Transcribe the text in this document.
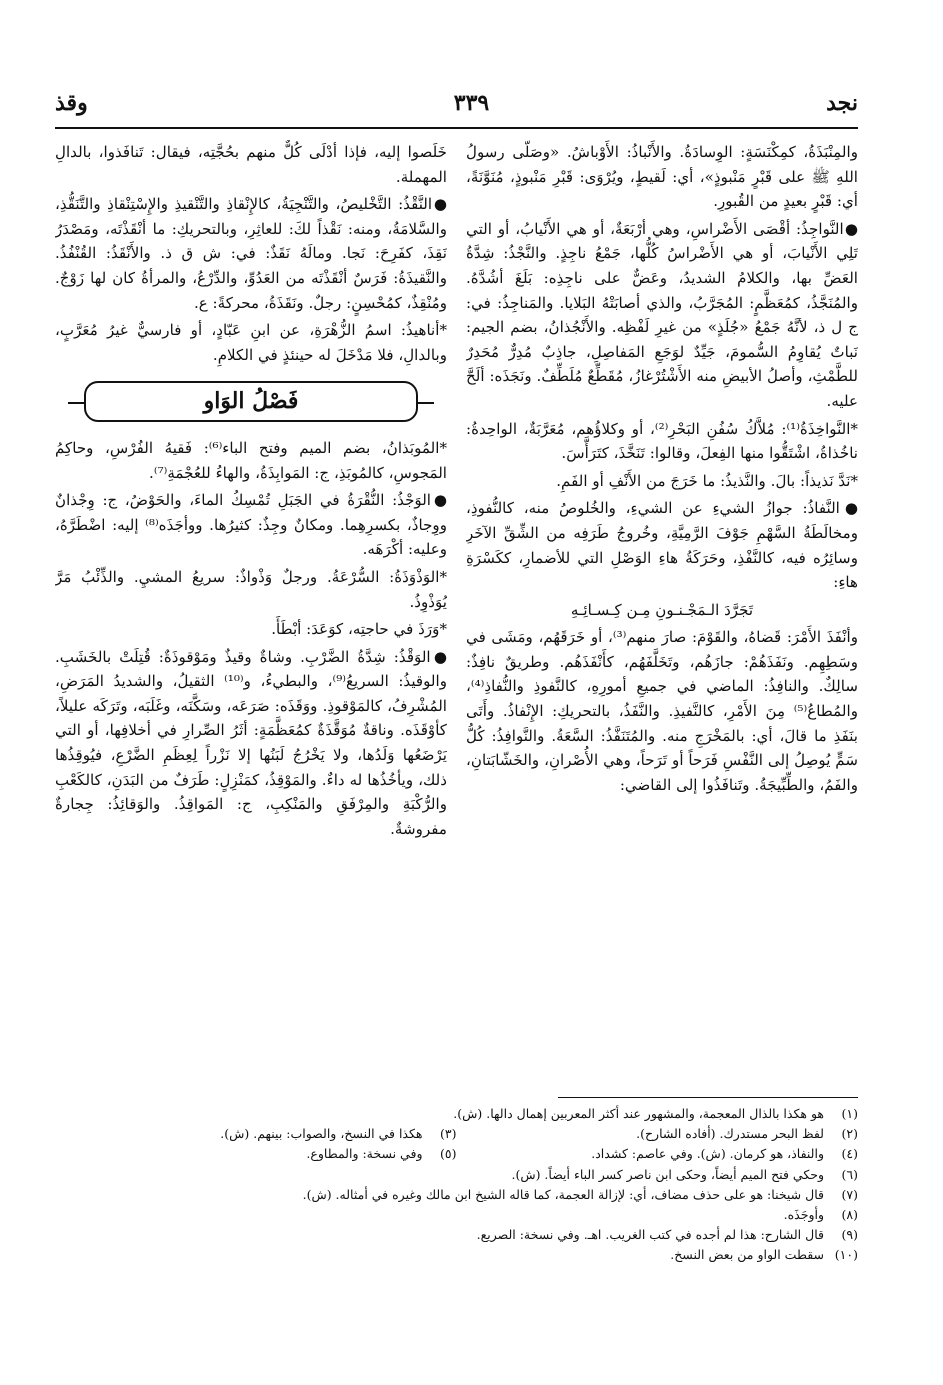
نجد
٣٣٩
وقذ

والمِنْبَذَةُ، كمِكْنَسَةٍ: الوِسادَةُ. والأَنْباذُ: الأَوْباشُ. «وصَلَّى رسولُ اللهِ ﷺ على قَبْرٍ مَنْبوذٍ»، أي: لَقيطٍ، ويُرْوَى: قَبْرِ مَنْبوذٍ، مُنَوَّنَةً، أي: قَبْرٍ بعيدٍ من القُبورِ.

●النَّواجِذُ: أقْصَى الأَضْراسِ، وهي أرْبَعَةٌ، أو هي الأَنْيابُ، أو التي تَلِي الأَنْيابَ، أو هي الأَضْراسُ كُلُّها، جَمْعُ ناجِذٍ. والنَّجْذُ: شِدَّةُ العَضِّ بها، والكلامُ الشديدُ، وعَضٌّ على ناجِذِه: بَلَغَ أشُدَّهُ. والمُنَجَّذُ، كمُعَظَّمٍ: المُجَرَّبُ، والذي أصابَتْهُ البَلايا. والمَناجِذُ: في: ج ل ذ، لأنَّهُ جَمْعُ «جُلَذٍ» من غيرِ لَفْظِه. والأَنْجُذانُ، بضم الجيم: نَباتٌ يُقاوِمُ السُّمومَ، جَيِّدٌ لوَجَعِ المَفاصِلِ، جاذِبٌ مُدِرٌّ مُحَدِرٌ للطَّمْثِ، وأصلُ الأبيضِ منه الأَشْتُرْغازُ، مُقَطِّعٌ مُلَطِّفٌ. ونَجَذَه: ألَحَّ عليه.

*النَّواخِذَةُ⁽¹⁾: مُلاَّكُ سُفُنِ البَحْرِ⁽²⁾، أو وكلاؤُهم، مُعَرَّبَةٌ، الواحِدةُ: ناخُذاةُ، اشْتَقُّوا منها الفِعلَ، وقالوا: تَنَخَّذَ، كتَرَأَّسَ.

*نَدَّ نَذيذاً: بالَ. والنَّذيذُ: ما خَرَجَ من الأَنْفِ أو الفَمِ.

●النَّفاذُ: جوازُ الشيءِ عن الشيءِ، والخُلوصُ منه، كالنُّفوذِ، ومخالَطَةُ السَّهْمِ جَوْفَ الرَّمِيَّةِ، وخُروجُ طَرَفِه من الشِّقِّ الآخَرِ وسائِرُه فيه، كالنَّفْذِ، وحَرَكَةُ هاءِ الوَصْلِ التي للأضمارِ، ككَسْرَةِ هاءِ:

تَجَرَّدَ الـمَجْـنـونِ مِـن كِـسـائِـهِ

وأنْفَذَ الأَمْرَ: قَضاهُ، والقَوْمَ: صارَ منهم⁽³⁾، أو خَرَقَهُم، ومَشَى في وسَطِهِم. ونَفَذَهُمْ: جازَهُم، وتَخَلَّفَهُم، كأَنْفَذَهُم. وطريقٌ نافِذٌ: سالِكٌ. والنافِذُ: الماضي في جميعِ أمورِهِ، كالنَّفوذِ والنُّفاذِ⁽⁴⁾، والمُطاعُ⁽⁵⁾ مِنَ الأَمْرِ، كالنَّفيذِ. والنَّفَذُ، بالتحريكِ: الإِنْفاذُ. وأَتَى بنَفَذِ ما قالَ، أي: بالمَخْرَجِ منه. والمُتَنَفَّذُ: السَّعَةُ. والنَّوافِذُ: كُلُّ سَمٍّ يُوصِلُ إلى النَّفْسِ فَرَحاً أو تَرَحاً، وهي الأُصْرانِ، والخَشّابَتانِ، والفَمُ، والطِّبِّيجَةُ. وتَنافَذُوا إلى القاضي:

خَلَصوا إليه، فإذا أدْلَى كُلٌّ منهم بحُجَّتِه، فيقال: تَنافَذوا، بالدالِ المهملة.

●النَّقْذُ: التَّخْليصُ، والتَّنْجِيَةُ، كالإِنْقاذِ والتَّنْقيذِ والإِسْتِنْقاذِ والتَّنَقُّذِ، والسَّلامَةُ، ومنه: نَقْذاً لكَ: للعاثِرِ، وبالتحريكِ: ما أنْقَذْتَه، ومَصْدَرُ نَقِذَ، كفَرِحَ: نَجا. ومالَهُ نَقَذٌ: في: ش ق ذ. والأَنْقَذُ: القُنْفُذُ. والنَّقيذَةُ: فَرَسٌ أنْقَذْتَه من العَدُوِّ، والدِّرْعُ، والمرأةُ كان لها زَوْجٌ. ومُنْقِذٌ، كمُحْسِنٍ: رجلٌ. ونَقَذَةُ، محركةً: ع.

*أناهيذُ: اسمُ الزُّهْرَةِ، عن ابنِ عَبّادٍ، أو فارسيٌّ غيرُ مُعَرَّبٍ، وبالدالِ، فلا مَدْخَلَ له حينئذٍ في الكلامِ.

فَصْلُ الوَاو

*المُوبَذانُ، بضم الميم وفتح الباء⁽⁶⁾: فَقيهُ الفُرْسِ، وحاكِمُ المَجوسِ، كالمُوبَذِ، ج: المَوابِذَةُ، والهاءُ للعُجْمَةِ⁽⁷⁾.

●الوَجْذُ: النُّقْرَةُ في الجَبَلِ تُمْسِكُ الماءَ، والحَوْضُ، ج: وِجْذانٌ ووِجاذٌ، بكسرِهِما. ومكانٌ وجِذٌ: كثيرُها. ووأجَذَه⁽⁸⁾ إليه: اضْطَرَّهُ، وعليه: أكْرَهَه.

*الوَذْوَذَةُ: السُّرْعَةُ. ورجلٌ وَذْواذٌ: سريعُ المشيِ. والذِّئْبُ مَرَّ يُوَذْوِذُ.

*وَرَذَ في حاجتِه، كوَعَدَ: أبْطَأَ.

●الوَقْذُ: شِدَّةُ الضَّرْبِ. وشاةٌ وقيذٌ ومَوْقوذَةٌ: قُتِلَتْ بالخَشَبِ. والوقيذُ: السريعُ⁽⁹⁾، والبطيءُ، و⁽¹⁰⁾ الثقيلُ، والشديدُ المَرَضِ، المُشْرِفُ، كالمَوْقوذِ. ووَقَذَه: صَرَعَه، وسَكَّنَه، وغَلَبَه، وتَرَكَه عليلاً، كأوْقَذَه. وناقةٌ مُوَقَّذَةٌ كمُعَظَّمَةٍ: أثَرُ الصِّرارِ في أخلافِها، أو التي يَرْضَعُها وَلَدُها، ولا يَخْرُجُ لَبَنُها إلا نَزْراً لِعِظَمِ الضَّرْعِ، فيُوقِذُها ذلك، ويأخُذُها له داءٌ. والمَوْقِذُ، كمَنْزِلٍ: طَرَفٌ من البَدَنِ، كالكَعْبِ والرُّكْبَةِ والمِرْفَقِ والمَنْكِبِ، ج: المَواقِذُ. والوَقائِذُ: جِجارةٌ مفروشةٌ.

(١)
هو هكذا بالذال المعجمة، والمشهور عند أكثر المعربين إهمال دالها. (ش).
(٢)
لفظ البحر مستدرك. (أفاده الشارح).
(٣)
هكذا في النسخ، والصواب: بينهم. (ش).
(٤)
والنفاذ، هو كرمان. (ش). وفي عاصم: كشداد.
(٥)
وفي نسخة: والمطاوع.
(٦)
وحكي فتح الميم أيضاً، وحكى ابن ناصر كسر الباء أيضاً. (ش).
(٧)
قال شيخنا: هو على حذف مضاف، أي: لإزالة العجمة، كما قاله الشيخ ابن مالك وغيره في أمثاله. (ش).
(٨)
وأوجَذَه.
(٩)
قال الشارح: هذا لم أجده في كتب الغريب. اهـ. وفي نسخة: الصريع.
(١٠)
سقطت الواو من بعض النسخ.
